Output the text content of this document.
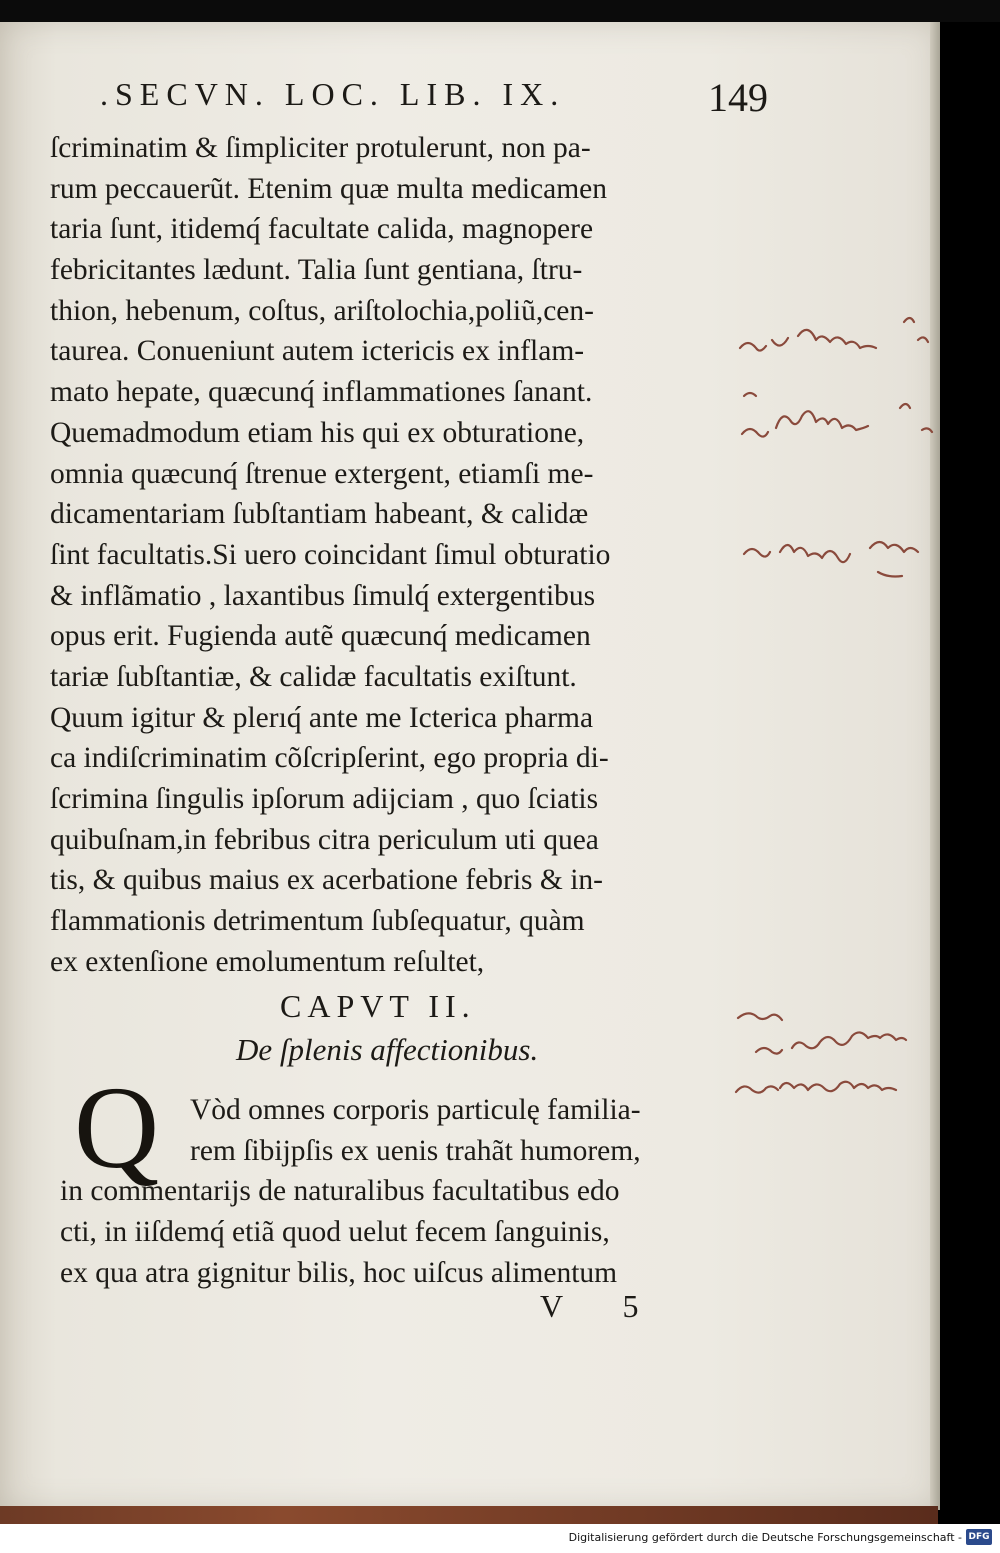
.SECVN. LOC. LIB. IX.	149
ſcriminatim & ſimpliciter protulerunt, non pa-
rum peccauerũt. Etenim quæ multa medicamen
taria ſunt, itidemq́ facultate calida, magnopere
febricitantes lædunt. Talia ſunt gentiana, ſtru-
thion, hebenum, coſtus, ariſtolochia,poliũ,cen-
taurea. Conueniunt autem ictericis ex inflam-
mato hepate, quæcunq́ inflammationes ſanant.
Quemadmodum etiam his qui ex obturatione,
omnia quæcunq́ ſtrenue extergent, etiamſi me-
dicamentariam ſubſtantiam habeant, & calidæ
ſint facultatis.Si uero coincidant ſimul obturatio
& inflãmatio , laxantibus ſimulq́ extergentibus
opus erit. Fugienda autẽ quæcunq́ medicamen
tariæ ſubſtantiæ, & calidæ facultatis exiſtunt.
Quum igitur & plerıq́ ante me Icterica pharma
ca indiſcriminatim cõſcripſerint, ego propria di-
ſcrimina ſingulis ipſorum adijciam , quo ſciatis
quibuſnam,in febribus citra periculum uti quea
tis, & quibus maius ex acerbatione febris & in-
flammationis detrimentum ſubſequatur, quàm
ex extenſione emolumentum reſultet,
CAPVT II.
De ſplenis affectionibus.
Q	Vòd omnes corporis particulę familia-
rem ſibijpſis ex uenis trahãt humorem,
in commentarijs de naturalibus facultatibus edo
cti, in iiſdemq́ etiã quod uelut fecem ſanguinis,
ex qua atra gignitur bilis, hoc uiſcus alimentum
V 5
Digitalisierung gefördert durch die Deutsche Forschungsgemeinschaft - DFG
